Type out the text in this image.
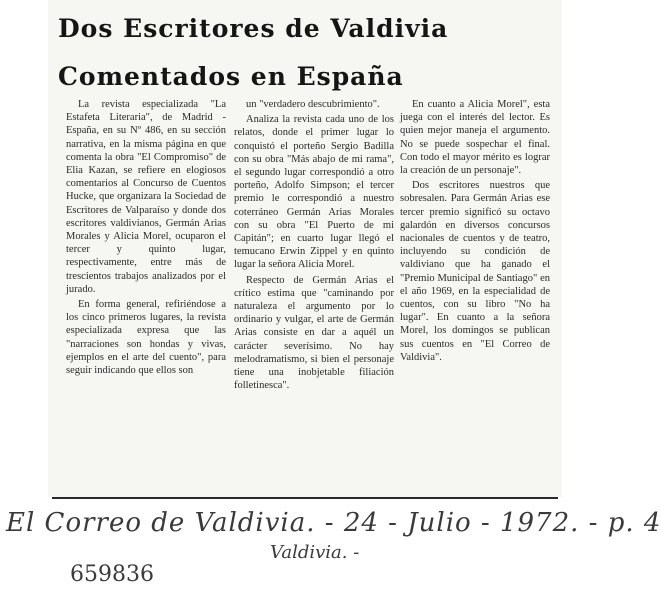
Dos Escritores de Valdivia
Comentados en España

La revista especializada "La Estafeta Literaria", de Madrid - España, en su Nº 486, en su sección narrativa, en la misma página en que comenta la obra "El Compromiso" de Elia Kazan, se refiere en elogiosos comentarios al Concurso de Cuentos Hucke, que organizara la Sociedad de Escritores de Valparaíso y donde dos escritores valdivianos, Germán Arias Morales y Alicia Morel, ocuparon el tercer y quinto lugar, respectivamente, entre más de trescientos trabajos analizados por el jurado.

En forma general, refiriéndose a los cinco primeros lugares, la revista especializada expresa que las "narraciones son hondas y vivas, ejemplos en el arte del cuento", para seguir indicando que ellos son

un "verdadero descubrimiento".

Analiza la revista cada uno de los relatos, donde el primer lugar lo conquistó el porteño Sergio Badilla con su obra "Más abajo de mi rama", el segundo lugar correspondió a otro porteño, Adolfo Simpson; el tercer premio le correspondió a nuestro coterráneo Germán Arias Morales con su obra "El Puerto de mi Capitán"; en cuarto lugar llegó el temucano Erwin Zippel y en quinto lugar la señora Alicia Morel.

Respecto de Germán Arias el crítico estima que "caminando por naturaleza el argumento por lo ordinario y vulgar, el arte de Germán Arias consiste en dar a aquél un carácter severísimo. No hay melodramatismo, si bien el personaje tiene una inobjetable filiación folletinesca".

En cuanto a Alicia Morel", esta juega con el interés del lector. Es quien mejor maneja el argumento. No se puede sospechar el final. Con todo el mayor mérito es lograr la creación de un personaje".

Dos escritores nuestros que sobresalen. Para Germán Arias ese tercer premio significó su octavo galardón en diversos concursos nacionales de cuentos y de teatro, incluyendo su condición de valdiviano que ha ganado el "Premio Municipal de Santiago" en el año 1969, en la especialidad de cuentos, con su libro "No ha lugar". En cuanto a la señora Morel, los domingos se publican sus cuentos en "El Correo de Valdivia".

El Correo de Valdivia. - 24 - Julio - 1972. - p. 4
Valdivia. -
659836
